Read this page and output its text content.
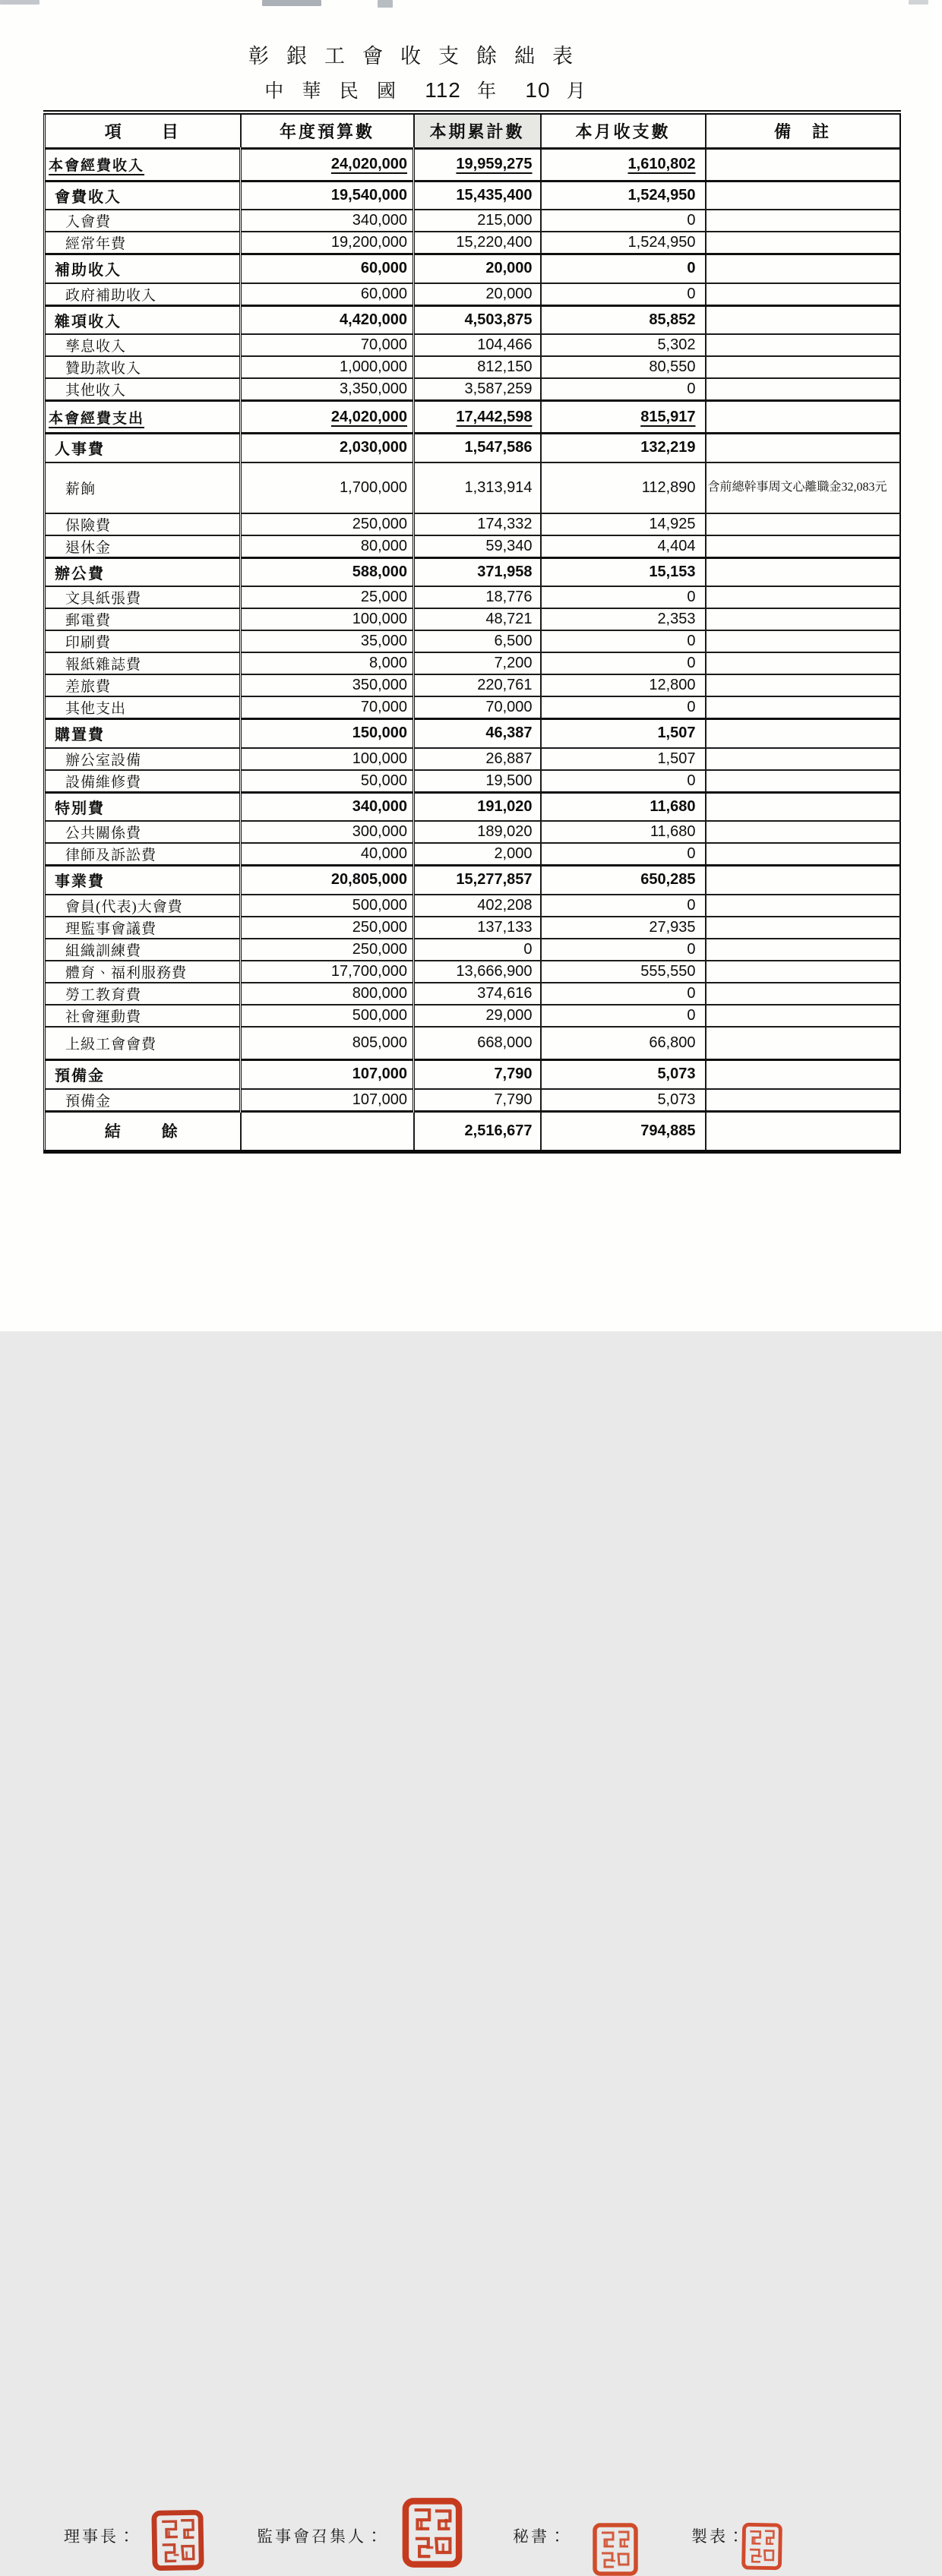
彰銀工會收支餘絀表
中 華 民 國 112 年 10 月
項　　目	年度預算數	本期累計數	本月收支數	備　註
本會經費收入	24,020,000	19,959,275	1,610,802	
會費收入	19,540,000	15,435,400	1,524,950	
入會費	340,000	215,000	0	
經常年費	19,200,000	15,220,400	1,524,950	
補助收入	60,000	20,000	0	
政府補助收入	60,000	20,000	0	
雜項收入	4,420,000	4,503,875	85,852	
孳息收入	70,000	104,466	5,302	
贊助款收入	1,000,000	812,150	80,550	
其他收入	3,350,000	3,587,259	0	
本會經費支出	24,020,000	17,442,598	815,917	
人事費	2,030,000	1,547,586	132,219	
薪餉	1,700,000	1,313,914	112,890	含前總幹事周文心離職金32,083元

保險費	250,000	174,332	14,925	
退休金	80,000	59,340	4,404	
辦公費	588,000	371,958	15,153	
文具紙張費	25,000	18,776	0	
郵電費	100,000	48,721	2,353	
印刷費	35,000	6,500	0	
報紙雜誌費	8,000	7,200	0	
差旅費	350,000	220,761	12,800	
其他支出	70,000	70,000	0	
購置費	150,000	46,387	1,507	
辦公室設備	100,000	26,887	1,507	
設備維修費	50,000	19,500	0	
特別費	340,000	191,020	11,680	
公共關係費	300,000	189,020	11,680	
律師及訴訟費	40,000	2,000	0	
事業費	20,805,000	15,277,857	650,285	
會員(代表)大會費	500,000	402,208	0	
理監事會議費	250,000	137,133	27,935	
組織訓練費	250,000	0	0	
體育、福利服務費	17,700,000	13,666,900	555,550	
勞工教育費	800,000	374,616	0	
社會運動費	500,000	29,000	0	
上級工會會費	805,000	668,000	66,800	
預備金	107,000	7,790	5,073	
預備金	107,000	7,790	5,073	
結　　餘		2,516,677	794,885	
理事長：	監事會召集人：	秘書：	製表：
